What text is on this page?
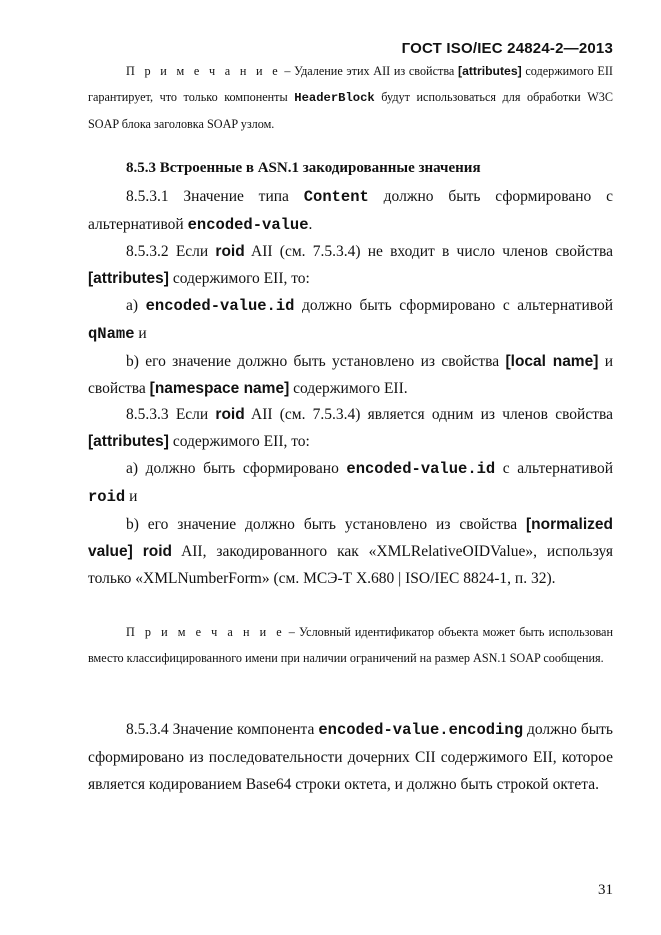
ГОСТ ISO/IEC 24824-2—2013

П р и м е ч а н и е – Удаление этих AII из свойства [attributes] содержимого EII гарантирует, что только компоненты HeaderBlock будут использоваться для обработки W3C SOAP блока заголовка SOAP узлом.

8.5.3 Встроенные в ASN.1 закодированные значения

8.5.3.1 Значение типа Content должно быть сформировано с альтернативой encoded-value.

8.5.3.2 Если roid AII (см. 7.5.3.4) не входит в число членов свойства [attributes] содержимого EII, то:

a) encoded-value.id должно быть сформировано с альтернативой qName и

b) его значение должно быть установлено из свойства [local name] и свойства [namespace name] содержимого EII.

8.5.3.3 Если roid AII (см. 7.5.3.4) является одним из членов свойства [attributes] содержимого EII, то:

a) должно быть сформировано encoded-value.id с альтернативой roid и

b) его значение должно быть установлено из свойства [normalized value] roid AII, закодированного как «XMLRelativeOIDValue», используя только «XMLNumberForm» (см. МСЭ-Т X.680 | ISO/IEC 8824-1, п. 32).

П р и м е ч а н и е – Условный идентификатор объекта может быть использован вместо классифицированного имени при наличии ограничений на размер ASN.1 SOAP сообщения.

8.5.3.4 Значение компонента encoded-value.encoding должно быть сформировано из последовательности дочерних CII содержимого EII, которое является кодированием Base64 строки октета, и должно быть строкой октета.

31
